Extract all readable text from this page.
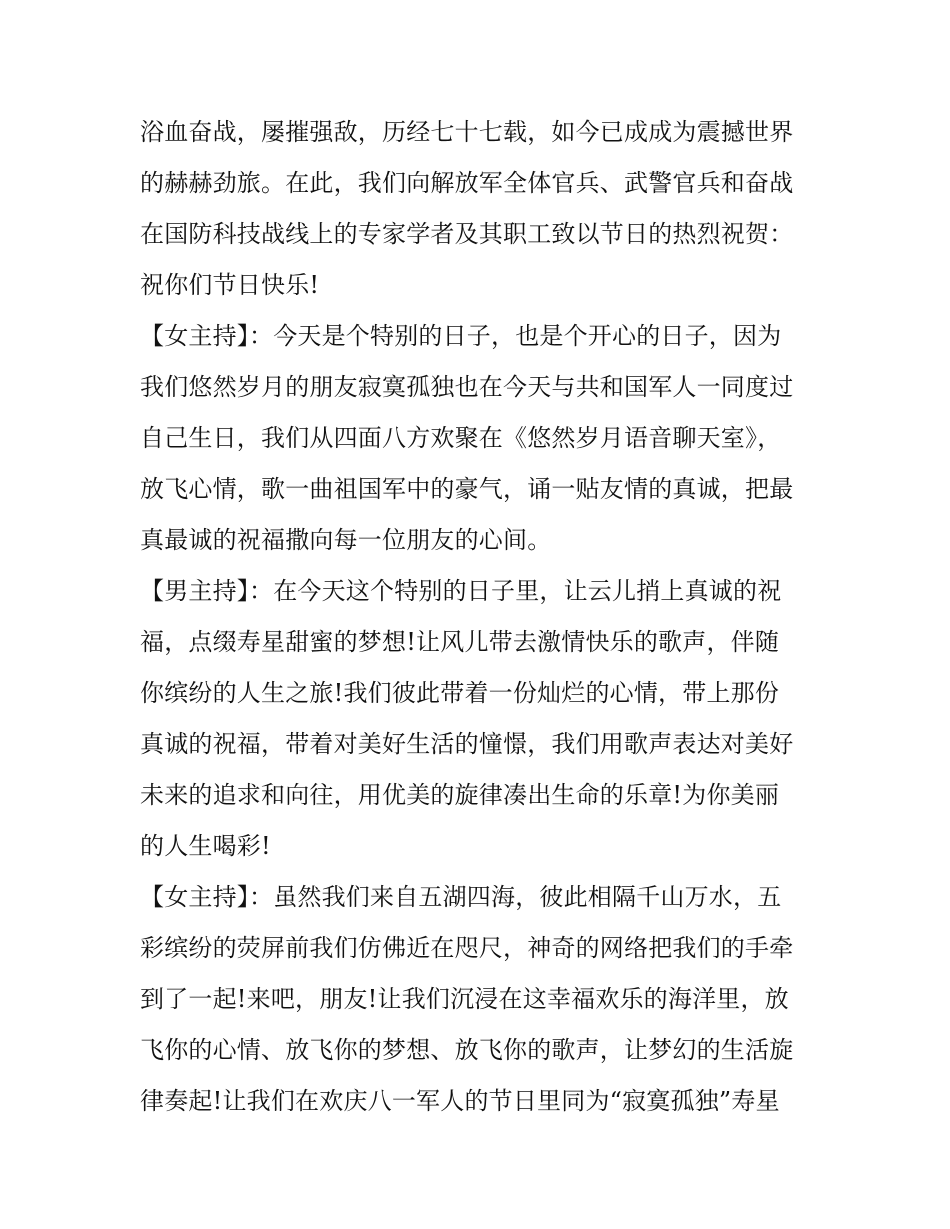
浴血奋战，屡摧强敌，历经七十七载，如今已成成为震撼世界
的赫赫劲旅。在此，我们向解放军全体官兵、武警官兵和奋战
在国防科技战线上的专家学者及其职工致以节日的热烈祝贺：
祝你们节日快乐!
【女主持】：今天是个特别的日子，也是个开心的日子，因为
我们悠然岁月的朋友寂寞孤独也在今天与共和国军人一同度过
自己生日，我们从四面八方欢聚在《悠然岁月语音聊天室》，
放飞心情，歌一曲祖国军中的豪气，诵一贴友情的真诚，把最
真最诚的祝福撒向每一位朋友的心间。
【男主持】：在今天这个特别的日子里，让云儿捎上真诚的祝
福，点缀寿星甜蜜的梦想!让风儿带去激情快乐的歌声，伴随
你缤纷的人生之旅!我们彼此带着一份灿烂的心情，带上那份
真诚的祝福，带着对美好生活的憧憬，我们用歌声表达对美好
未来的追求和向往，用优美的旋律凑出生命的乐章!为你美丽
的人生喝彩!
【女主持】：虽然我们来自五湖四海，彼此相隔千山万水，五
彩缤纷的荧屏前我们仿佛近在咫尺，神奇的网络把我们的手牵
到了一起!来吧，朋友!让我们沉浸在这幸福欢乐的海洋里，放
飞你的心情、放飞你的梦想、放飞你的歌声，让梦幻的生活旋
律奏起!让我们在欢庆八一军人的节日里同为“寂寞孤独”寿星
